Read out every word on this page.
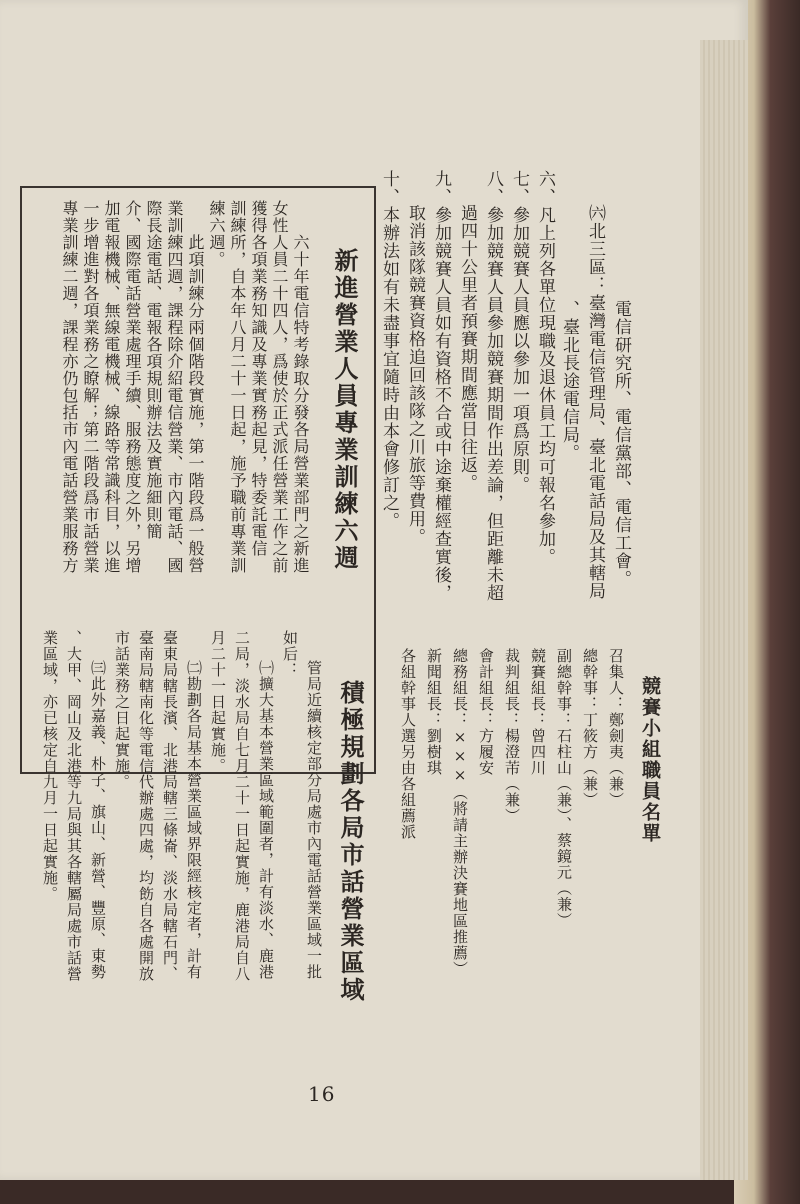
六、凡上列各單位現職及退休員工均可報名參加。
七、參加競賽人員應以參加一項爲原則。
八、參加競賽人員參加競賽期間作出差論，但距離未超
過四十公里者預賽期間應當日往返。
九、參加競賽人員如有資格不合或中途棄權經查實後，
取消該隊競賽資格追回該隊之川旅等費用。
十、本辦法如有未盡事宜隨時由本會修訂之。	電信研究所、電信黨部、電信工會。
㈥北三區：臺灣電信管理局、臺北電話局及其轄局
、臺北長途電信局。
競賽小組職員名單
召集人：鄭劍夷（兼）
總幹事：丁筱方（兼）
副總幹事：石柱山（兼）、蔡鏡元（兼）
競賽組長：曾四川
裁判組長：楊澄芾（兼）
會計組長：方履安
總務組長：×××（將請主辦決賽地區推薦）
新聞組長：劉樹琪
各組幹事人選另由各組薦派
新進營業人員專業訓練六週
六十年電信特考錄取分發各局營業部門之新進
女性人員二十四人，爲使於正式派任營業工作之前
獲得各項業務知識及專業實務起見，特委託電信
訓練所，自本年八月二十一日起，施予職前專業訓
練六週。
此項訓練分兩個階段實施，第一階段爲一般營
業訓練四週，課程除介紹電信營業、市內電話、國
際長途電話、電報各項規則辦法及實施細則簡
介、國際電話營業處理手續、服務態度之外，另增
加電報機械、無線電機械、線路等常識科目，以進
一步增進對各項業務之瞭解；第二階段爲市話營業
專業訓練二週，課程亦仍包括市內電話營業服務方
積極規劃各局市話營業區域
管局近續核定部分局處市內電話營業區域一批
如后：
㈠擴大基本營業區域範圍者，計有淡水、鹿港
二局，淡水局自七月二十一日起實施，鹿港局自八
月二十一日起實施。
㈡勘劃各局基本營業區域界限經核定者，計有
臺東局轄長濱、北港局轄三條崙、淡水局轄石門、
臺南局轄南化等電信代辦處四處，均飭自各處開放
市話業務之日起實施。
㈢此外嘉義、朴子、旗山、新營、豐原、東勢
、大甲、岡山及北港等九局與其各轄屬局處市話營
業區域，亦已核定自九月一日起實施。
16
